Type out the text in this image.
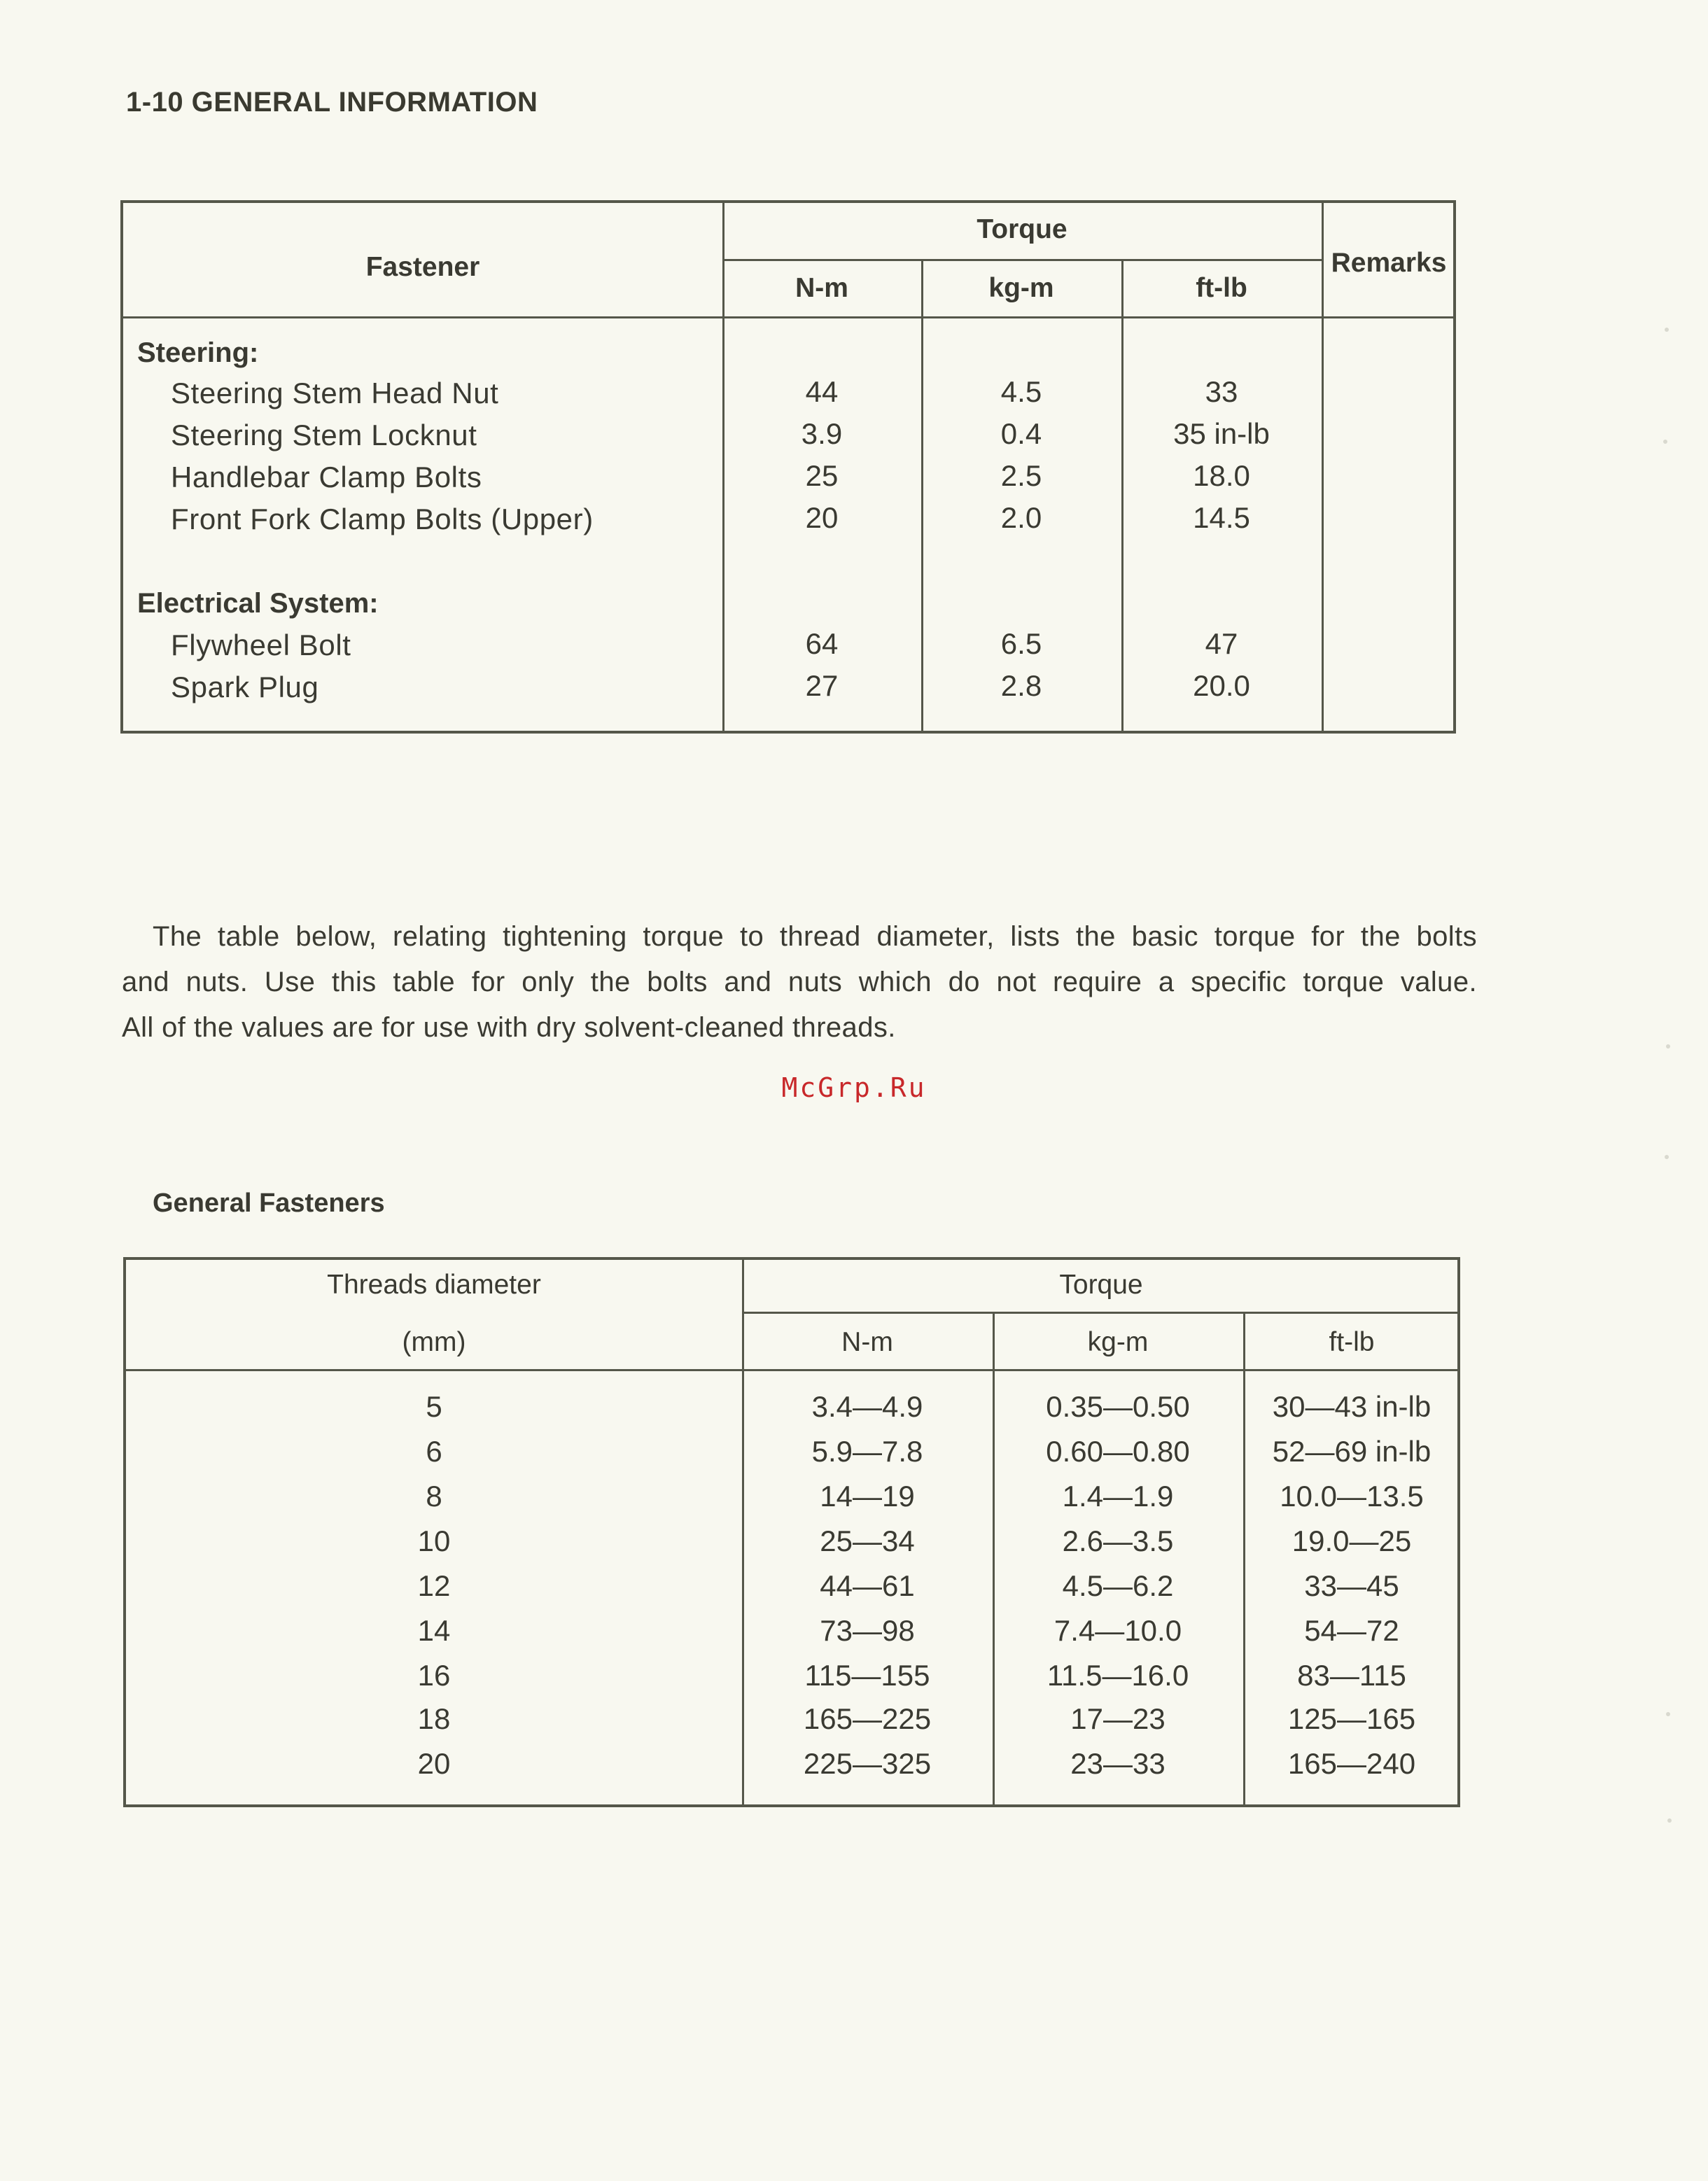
1-10 GENERAL INFORMATION
Fastener
Torque
Remarks
N-m	kg-m	ft-lb
Steering:
Steering Stem Head Nut	44	4.5	33
Steering Stem Locknut	3.9	0.4	35 in-lb
Handlebar Clamp Bolts	25	2.5	18.0
Front Fork Clamp Bolts (Upper)	20	2.0	14.5
Electrical System:
Flywheel Bolt	64	6.5	47
Spark Plug	27	2.8	20.0

The table below, relating tightening torque to thread diameter, lists the basic torque for the bolts

and nuts. Use this table for only the bolts and nuts which do not require a specific torque value.

All of the values are for use with dry solvent-cleaned threads.

McGrp.Ru
General Fasteners
Threads diameter
(mm)
Torque
N-m	kg-m	ft-lb
5	3.4—4.9	0.35—0.50	30—43 in-lb
6	5.9—7.8	0.60—0.80	52—69 in-lb
8	14—19	1.4—1.9	10.0—13.5
10	25—34	2.6—3.5	19.0—25
12	44—61	4.5—6.2	33—45
14	73—98	7.4—10.0	54—72
16	115—155	11.5—16.0	83—115
18	165—225	17—23	125—165
20	225—325	23—33	165—240
